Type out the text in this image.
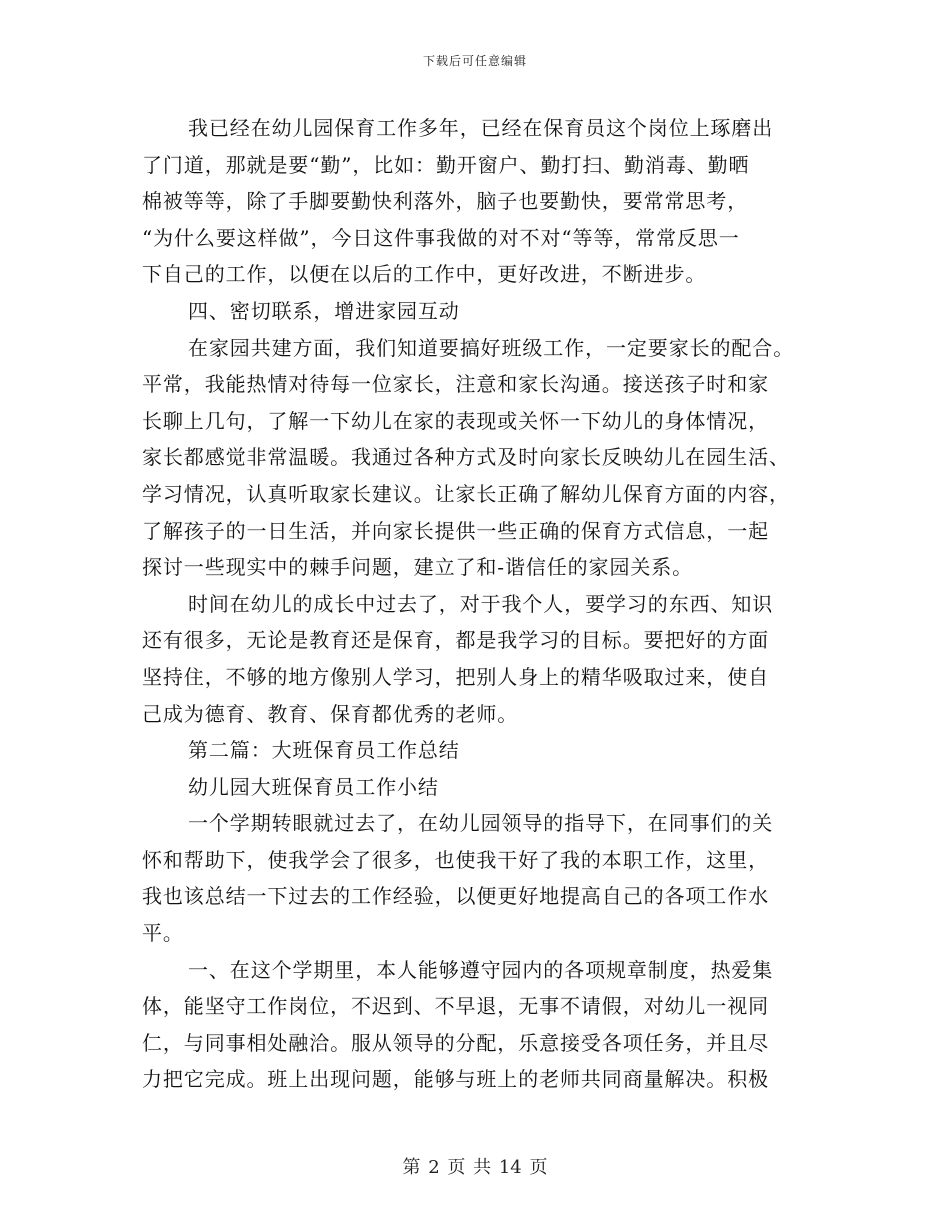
下载后可任意编辑
我已经在幼儿园保育工作多年，已经在保育员这个岗位上琢磨出
了门道，那就是要“勤”，比如：勤开窗户、勤打扫、勤消毒、勤晒
棉被等等，除了手脚要勤快利落外，脑子也要勤快，要常常思考，
“为什么要这样做”，今日这件事我做的对不对“等等，常常反思一
下自己的工作，以便在以后的工作中，更好改进，不断进步。
四、密切联系，增进家园互动
在家园共建方面，我们知道要搞好班级工作，一定要家长的配合。
平常，我能热情对待每一位家长，注意和家长沟通。接送孩子时和家
长聊上几句，了解一下幼儿在家的表现或关怀一下幼儿的身体情况，
家长都感觉非常温暖。我通过各种方式及时向家长反映幼儿在园生活、
学习情况，认真听取家长建议。让家长正确了解幼儿保育方面的内容，
了解孩子的一日生活，并向家长提供一些正确的保育方式信息，一起
探讨一些现实中的棘手问题，建立了和-谐信任的家园关系。
时间在幼儿的成长中过去了，对于我个人，要学习的东西、知识
还有很多，无论是教育还是保育，都是我学习的目标。要把好的方面
坚持住，不够的地方像别人学习，把别人身上的精华吸取过来，使自
己成为德育、教育、保育都优秀的老师。
第二篇：大班保育员工作总结
幼儿园大班保育员工作小结
一个学期转眼就过去了，在幼儿园领导的指导下，在同事们的关
怀和帮助下，使我学会了很多，也使我干好了我的本职工作，这里，
我也该总结一下过去的工作经验，以便更好地提高自己的各项工作水
平。
一、在这个学期里，本人能够遵守园内的各项规章制度，热爱集
体，能坚守工作岗位，不迟到、不早退，无事不请假，对幼儿一视同
仁，与同事相处融洽。服从领导的分配，乐意接受各项任务，并且尽
力把它完成。班上出现问题，能够与班上的老师共同商量解决。积极
第 2 页 共 14 页
